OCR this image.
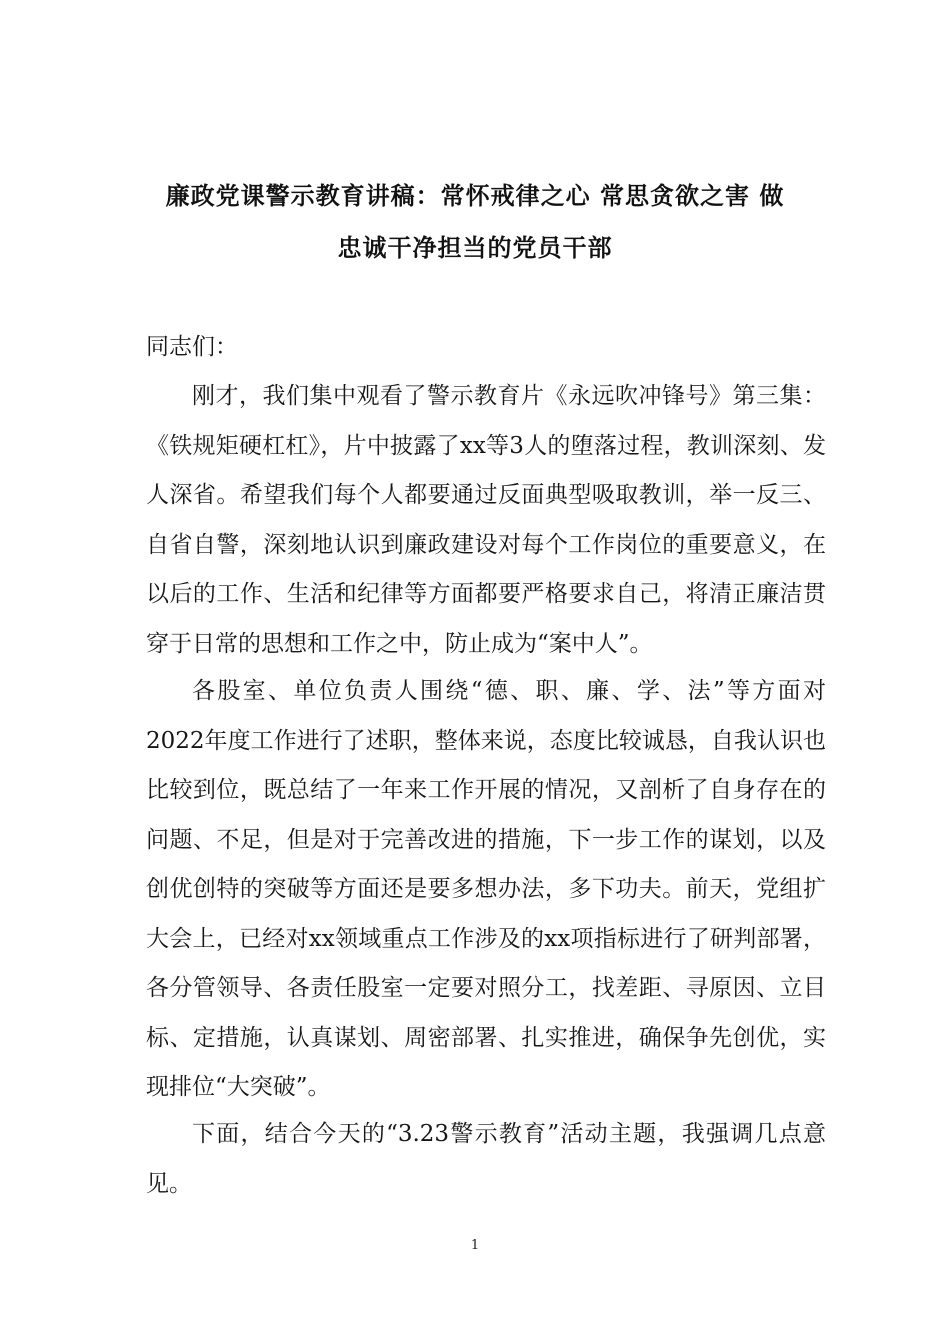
廉政党课警示教育讲稿：常怀戒律之心 常思贪欲之害 做
忠诚干净担当的党员干部
同志们：
刚才，我们集中观看了警示教育片《永远吹冲锋号》第三集：《铁规矩硬杠杠》，片中披露了xx等3人的堕落过程，教训深刻、发人深省。希望我们每个人都要通过反面典型吸取教训，举一反三、自省自警，深刻地认识到廉政建设对每个工作岗位的重要意义，在以后的工作、生活和纪律等方面都要严格要求自己，将清正廉洁贯穿于日常的思想和工作之中，防止成为“案中人”。
各股室、单位负责人围绕“德、职、廉、学、法”等方面对2022年度工作进行了述职，整体来说，态度比较诚恳，自我认识也比较到位，既总结了一年来工作开展的情况，又剖析了自身存在的问题、不足，但是对于完善改进的措施，下一步工作的谋划，以及创优创特的突破等方面还是要多想办法，多下功夫。前天，党组扩大会上，已经对xx领域重点工作涉及的xx项指标进行了研判部署，各分管领导、各责任股室一定要对照分工，找差距、寻原因、立目标、定措施，认真谋划、周密部署、扎实推进，确保争先创优，实现排位“大突破”。
下面，结合今天的“3.23警示教育”活动主题，我强调几点意见。
1
